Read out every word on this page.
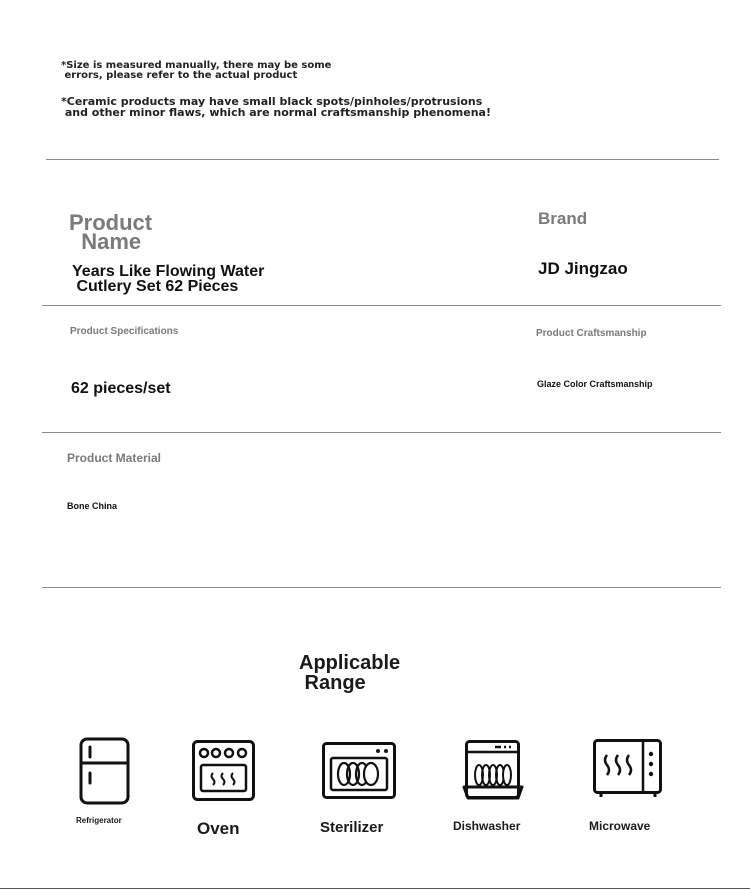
*Size is measured manually, there may be some
errors, please refer to the actual product
*Ceramic products may have small black spots/pinholes/protrusions
and other minor flaws, which are normal craftsmanship phenomena!
Product
Name
Years Like Flowing Water
Cutlery Set 62 Pieces
Brand
JD Jingzao
Product Specifications
62 pieces/set
Product Craftsmanship
Glaze Color Craftsmanship
Product Material
Bone China
Applicable
Range
Refrigerator	Oven	Sterilizer	Dishwasher	Microwave
